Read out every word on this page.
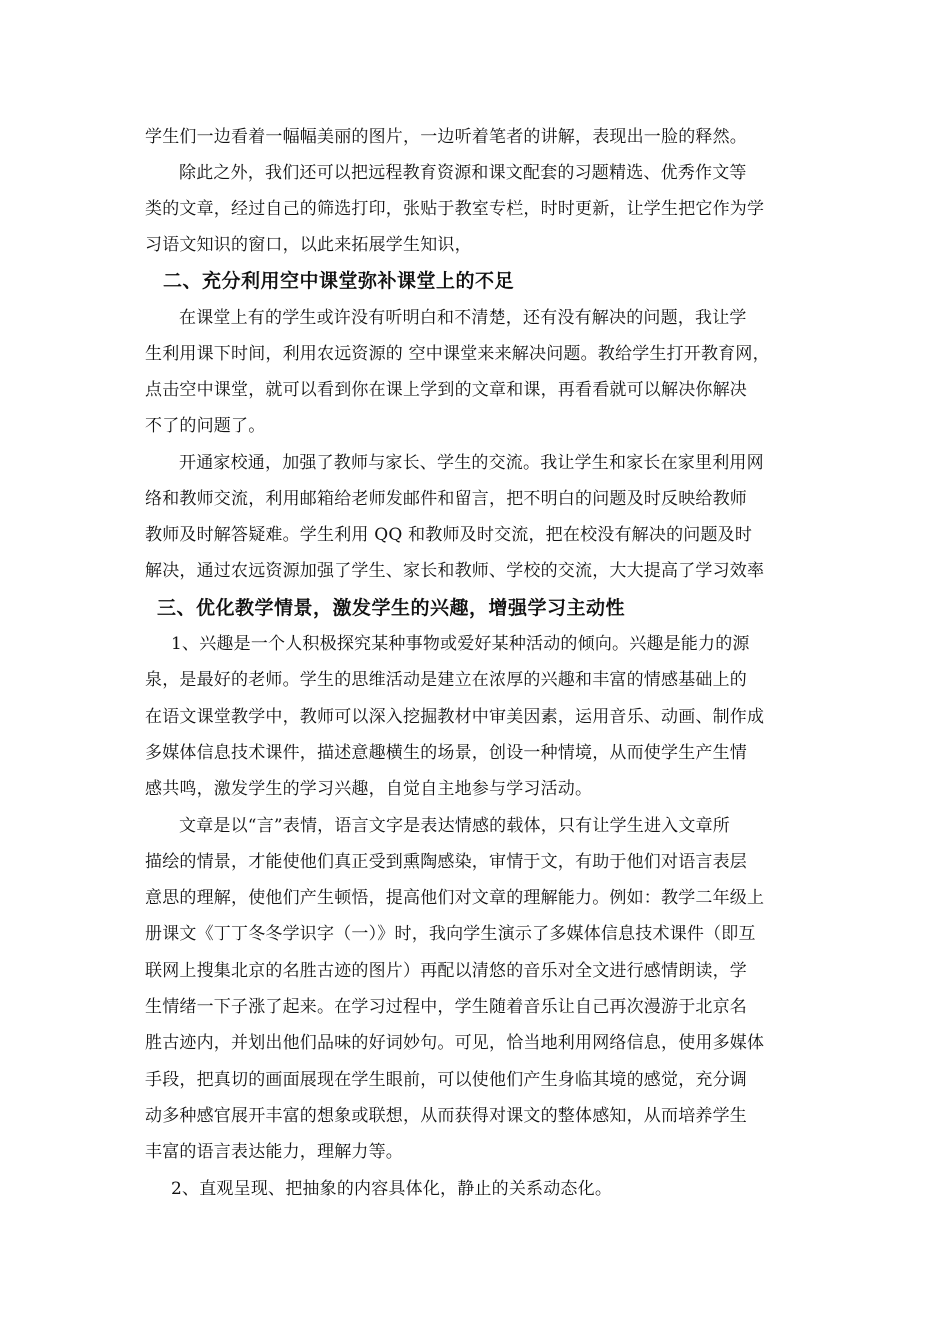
学生们一边看着一幅幅美丽的图片，一边听着笔者的讲解，表现出一脸的释然。
除此之外，我们还可以把远程教育资源和课文配套的习题精选、优秀作文等
类的文章，经过自己的筛选打印，张贴于教室专栏，时时更新，让学生把它作为学
习语文知识的窗口，以此来拓展学生知识，
二、充分利用空中课堂弥补课堂上的不足
在课堂上有的学生或许没有听明白和不清楚，还有没有解决的问题，我让学
生利用课下时间，利用农远资源的 空中课堂来来解决问题。教给学生打开教育网，
点击空中课堂，就可以看到你在课上学到的文章和课，再看看就可以解决你解决
不了的问题了。
开通家校通，加强了教师与家长、学生的交流。我让学生和家长在家里利用网
络和教师交流，利用邮箱给老师发邮件和留言，把不明白的问题及时反映给教师
教师及时解答疑难。学生利用 QQ 和教师及时交流，把在校没有解决的问题及时
解决，通过农远资源加强了学生、家长和教师、学校的交流，大大提高了学习效率
三、优化教学情景，激发学生的兴趣，增强学习主动性
1、兴趣是一个人积极探究某种事物或爱好某种活动的倾向。兴趣是能力的源
泉，是最好的老师。学生的思维活动是建立在浓厚的兴趣和丰富的情感基础上的
在语文课堂教学中，教师可以深入挖掘教材中审美因素，运用音乐、动画、制作成
多媒体信息技术课件，描述意趣横生的场景，创设一种情境，从而使学生产生情
感共鸣，激发学生的学习兴趣，自觉自主地参与学习活动。
文章是以“言”表情，语言文字是表达情感的载体，只有让学生进入文章所
描绘的情景，才能使他们真正受到熏陶感染，审情于文，有助于他们对语言表层
意思的理解，使他们产生顿悟，提高他们对文章的理解能力。例如：教学二年级上
册课文《丁丁冬冬学识字（一）》时，我向学生演示了多媒体信息技术课件（即互
联网上搜集北京的名胜古迹的图片）再配以清悠的音乐对全文进行感情朗读，学
生情绪一下子涨了起来。在学习过程中，学生随着音乐让自己再次漫游于北京名
胜古迹内，并划出他们品味的好词妙句。可见，恰当地利用网络信息，使用多媒体
手段，把真切的画面展现在学生眼前，可以使他们产生身临其境的感觉，充分调
动多种感官展开丰富的想象或联想，从而获得对课文的整体感知，从而培养学生
丰富的语言表达能力，理解力等。
2、直观呈现、把抽象的内容具体化，静止的关系动态化。
